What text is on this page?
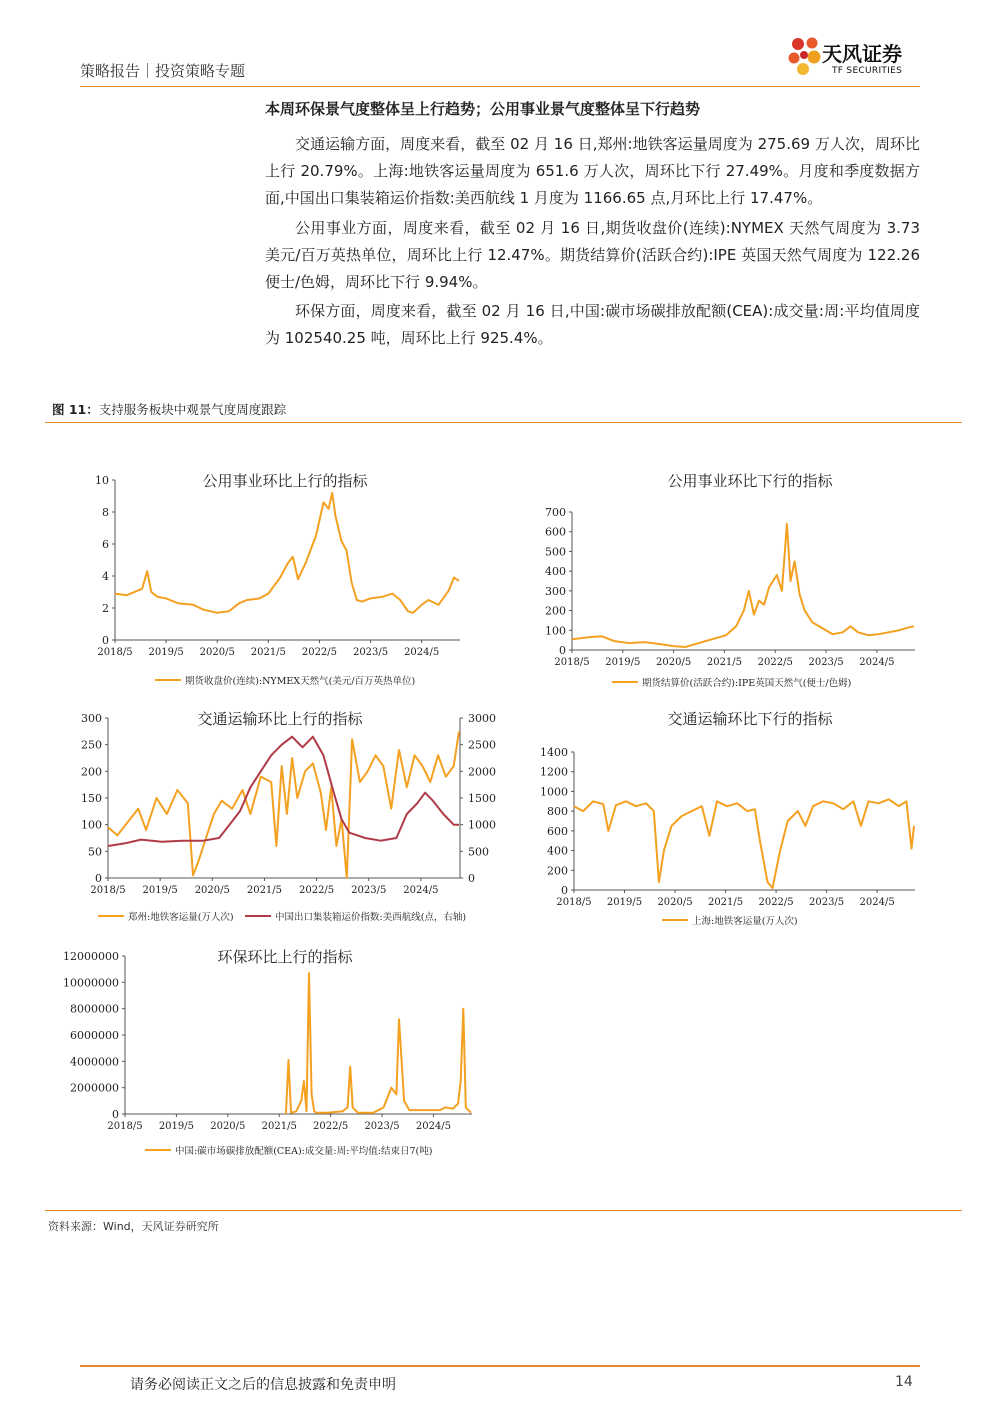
策略报告｜投资策略专题
天风证券
TF SECURITIES
本周环保景气度整体呈上行趋势；公用事业景气度整体呈下行趋势
交通运输方面，周度来看，截至 02 月 16 日,郑州:地铁客运量周度为 275.69 万人次，周环比上行 20.79%。上海:地铁客运量周度为 651.6 万人次，周环比下行 27.49%。月度和季度数据方面,中国出口集装箱运价指数:美西航线 1 月度为 1166.65 点,月环比上行 17.47%。
公用事业方面，周度来看，截至 02 月 16 日,期货收盘价(连续):NYMEX 天然气周度为 3.73 美元/百万英热单位，周环比上行 12.47%。期货结算价(活跃合约):IPE 英国天然气周度为 122.26 便士/色姆，周环比下行 9.94%。
环保方面，周度来看，截至 02 月 16 日,中国:碳市场碳排放配额(CEA):成交量:周:平均值周度为 102540.25 吨，周环比上行 925.4%。
图 11：支持服务板块中观景气度周度跟踪
公用事业环比上行的指标
0
2
4
6
8
10
2018/5 2019/5 2020/5 2021/5 2022/5 2023/5 2024/5
期货收盘价(连续):NYMEX天然气(美元/百万英热单位)
公用事业环比下行的指标
0
100
200
300
400
500
600
700
2018/5 2019/5 2020/5 2021/5 2022/5 2023/5 2024/5
期货结算价(活跃合约):IPE英国天然气(便士/色姆)
交通运输环比上行的指标
0
50
100
150
200
250
300
0
500
1000
1500
2000
2500
3000
2018/5 2019/5 2020/5 2021/5 2022/5 2023/5 2024/5
郑州:地铁客运量(万人次)	中国出口集装箱运价指数:美西航线(点，右轴)
交通运输环比下行的指标
0
200
400
600
800
1000
1200
1400
2018/5 2019/5 2020/5 2021/5 2022/5 2023/5 2024/5
上海:地铁客运量(万人次)
环保环比上行的指标
0
2000000
4000000
6000000
8000000
10000000
12000000
2018/5 2019/5 2020/5 2021/5 2022/5 2023/5 2024/5
中国:碳市场碳排放配额(CEA):成交量:周:平均值:结束日7(吨)
资料来源：Wind，天风证券研究所
请务必阅读正文之后的信息披露和免责申明	14
